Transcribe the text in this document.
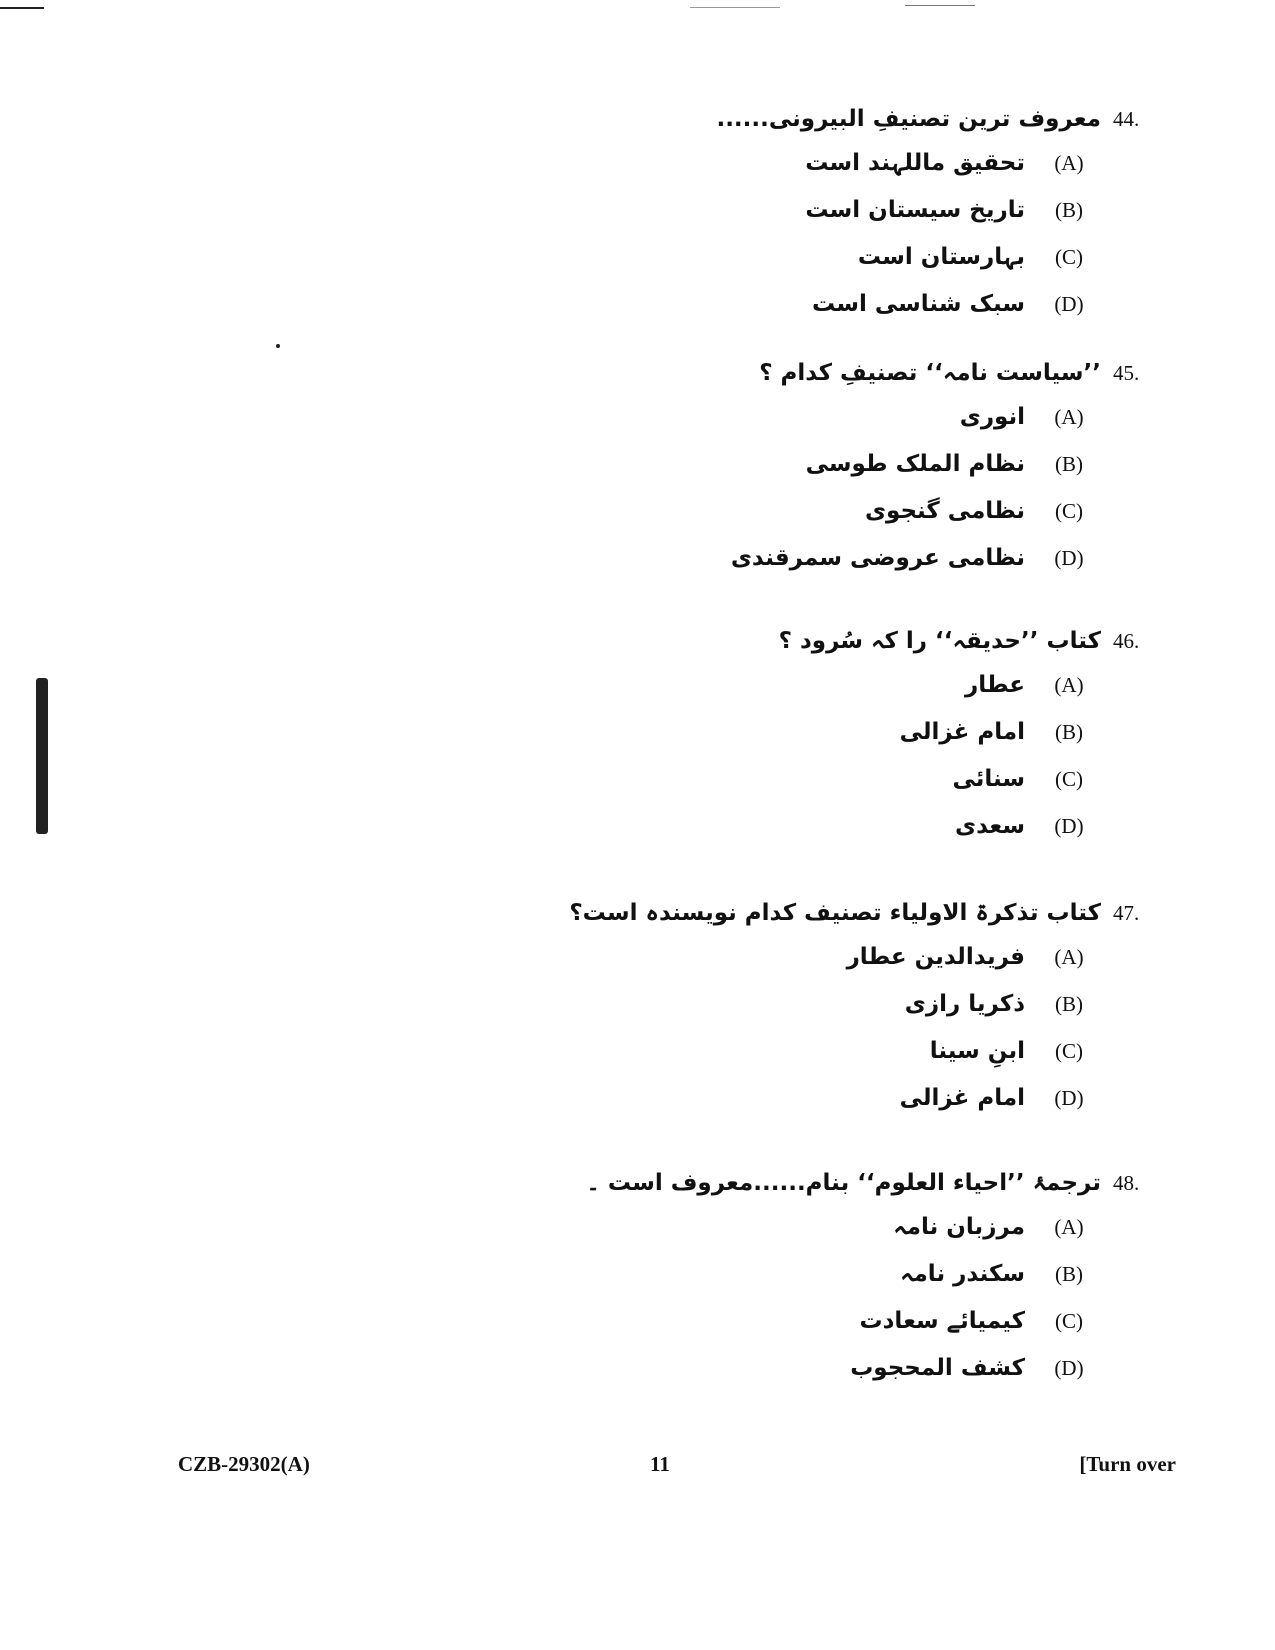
44.
معروف ترین تصنیفِ البیرونی......
(A)
تحقیق ماللہند است
(B)
تاریخ سیستان است
(C)
بہارستان است
(D)
سبک شناسی است
45.
’’سیاست نامہ‘‘ تصنیفِ کدام ؟
(A)
انوری
(B)
نظام الملک طوسی
(C)
نظامی گنجوی
(D)
نظامی عروضی سمرقندی
46.
کتاب ’’حدیقہ‘‘ را کہ سُرود ؟
(A)
عطار
(B)
امام غزالی
(C)
سنائی
(D)
سعدی
47.
کتاب تذکرۃ الاولیاء تصنیف کدام نویسندہ است؟
(A)
فریدالدین عطار
(B)
ذکریا رازی
(C)
ابنِ سینا
(D)
امام غزالی
48.
ترجمۂ ’’احیاء العلوم‘‘ بنام......معروف است ۔
(A)
مرزبان نامہ
(B)
سکندر نامہ
(C)
کیمیائے سعادت
(D)
کشف المحجوب
CZB-29302(A)	11	[Turn over
